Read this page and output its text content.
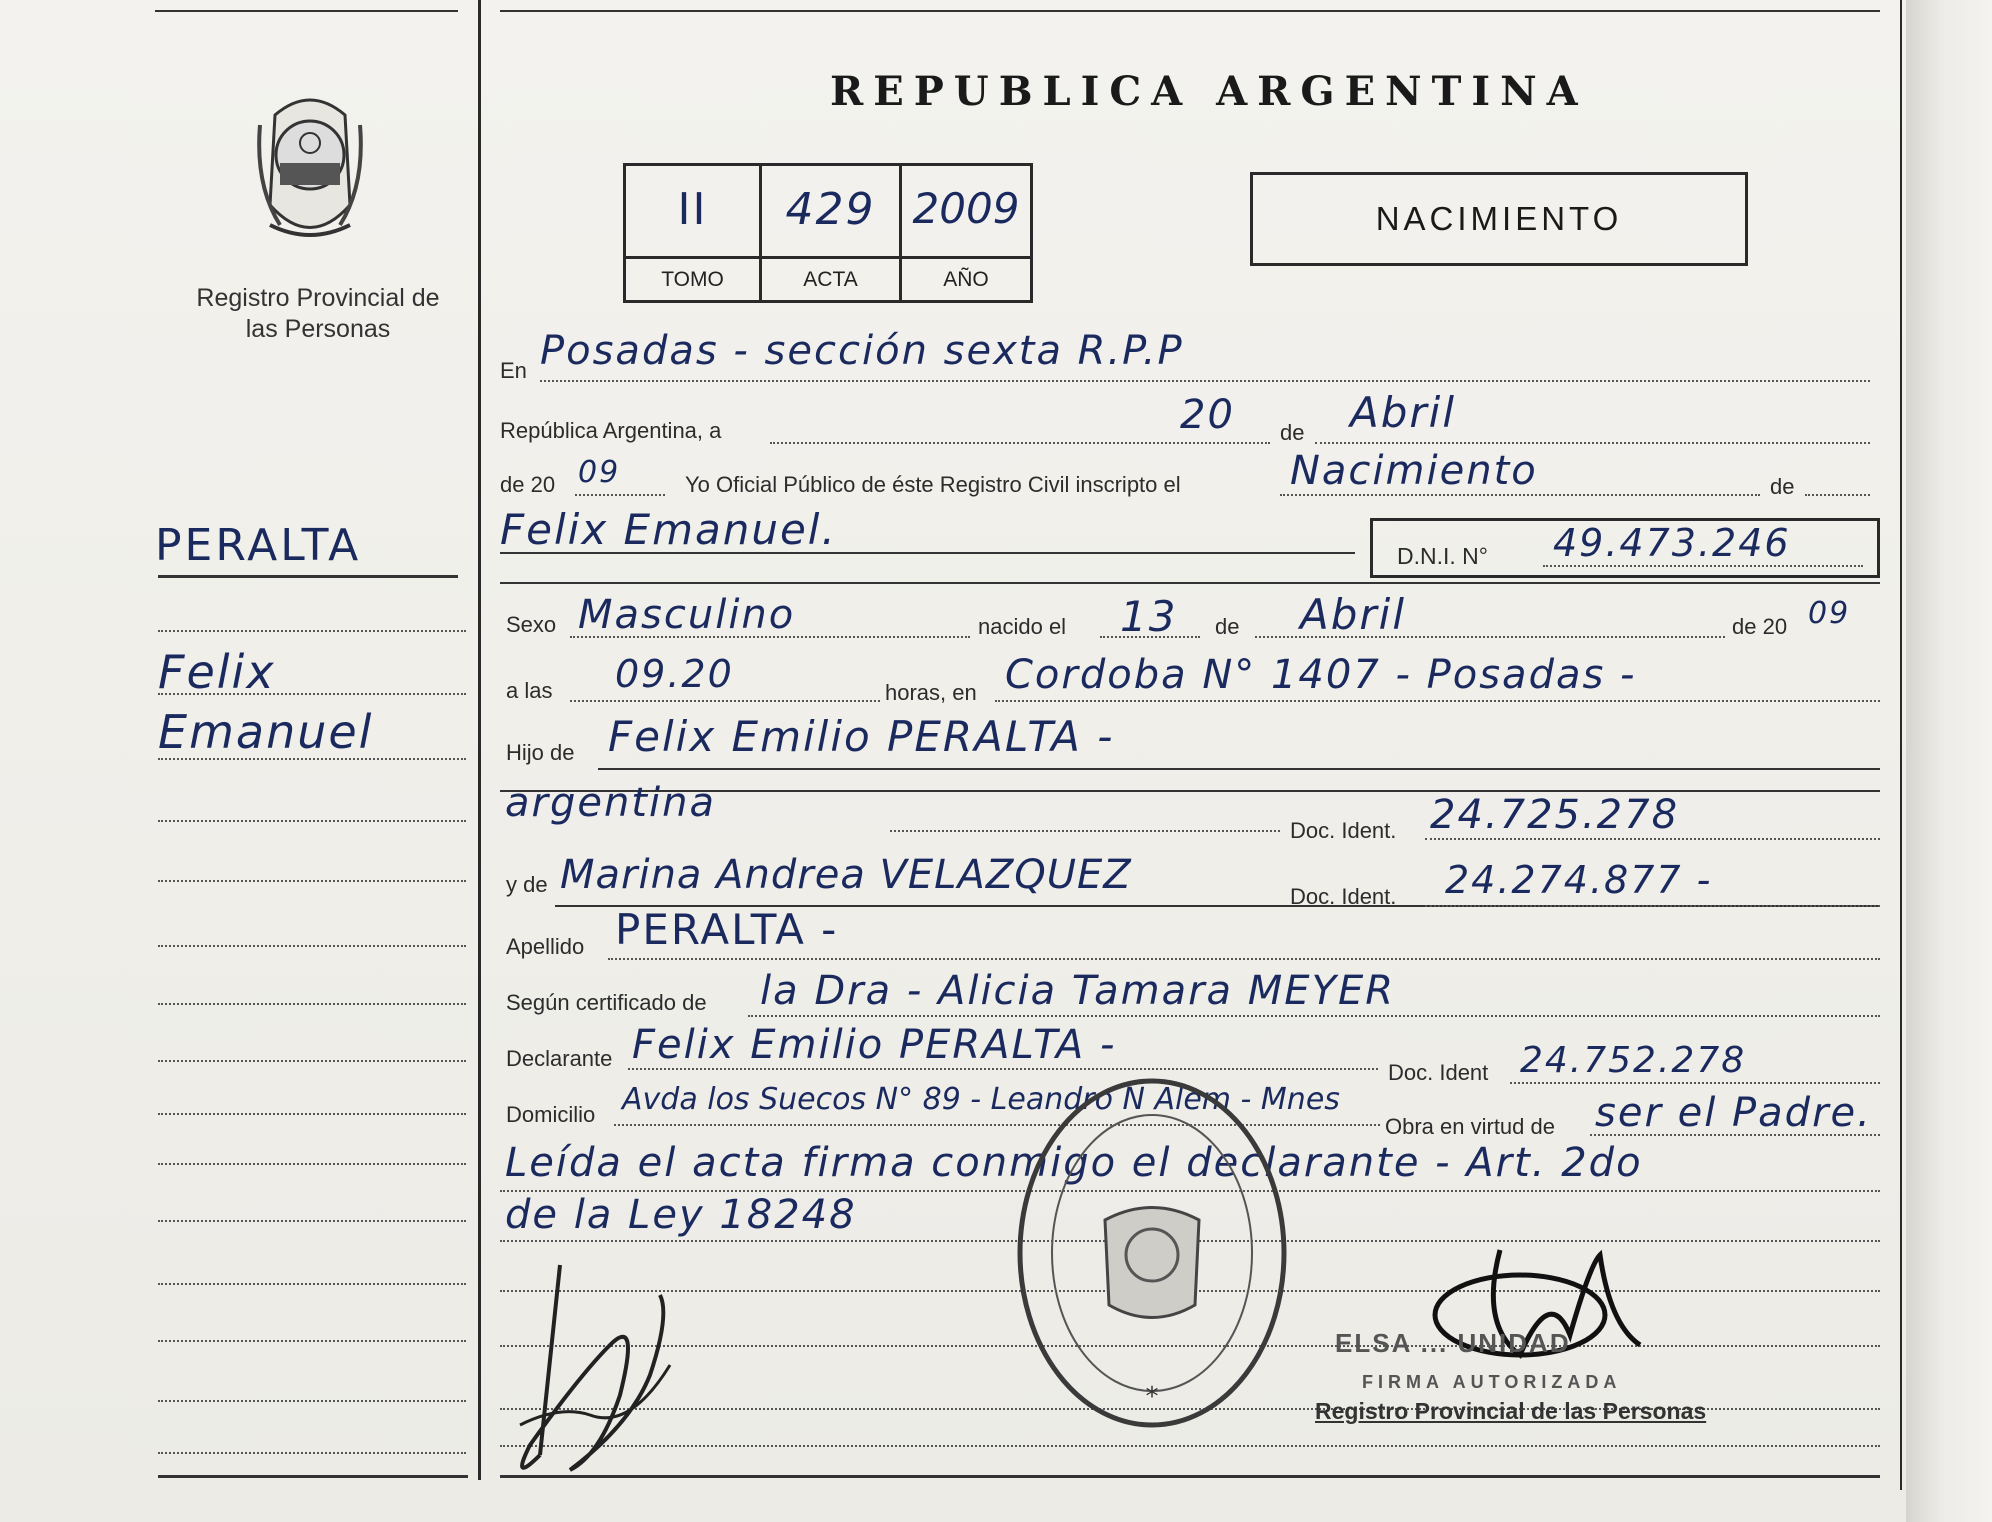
Registro Provincial de las Personas
PERALTA
Felix
Emanuel
REPUBLICA ARGENTINA
II	429 2009
TOMO	ACTA	AÑO
NACIMIENTO
En Posadas - sección sexta R.P.P
República Argentina, a	20 de Abril
de 20 09	Yo Oficial Público de éste Registro Civil inscripto el	Nacimiento	de
Felix Emanuel.
D.N.I. N° 49.473.246
Sexo Masculino	nacido el 13 de Abril	de 20 09
a las 09.20	horas, en Cordoba N° 1407 - Posadas -
Hijo de Felix Emilio PERALTA -
argentina
Doc. Ident. 24.725.278
y de Marina Andrea VELAZQUEZ	Doc. Ident. 24.274.877 -
Apellido PERALTA -
Según certificado de la Dra - Alicia Tamara MEYER
Declarante Felix Emilio PERALTA -
Doc. Ident 24.752.278
Domicilio Avda los Suecos N° 89 - Leandro N Alem - Mnes
Obra en virtud de ser el Padre.
Leída el acta firma conmigo el declarante - Art. 2do
de la Ley 18248
*
ELSA ... UNIDAD
FIRMA AUTORIZADA
Registro Provincial de las Personas
